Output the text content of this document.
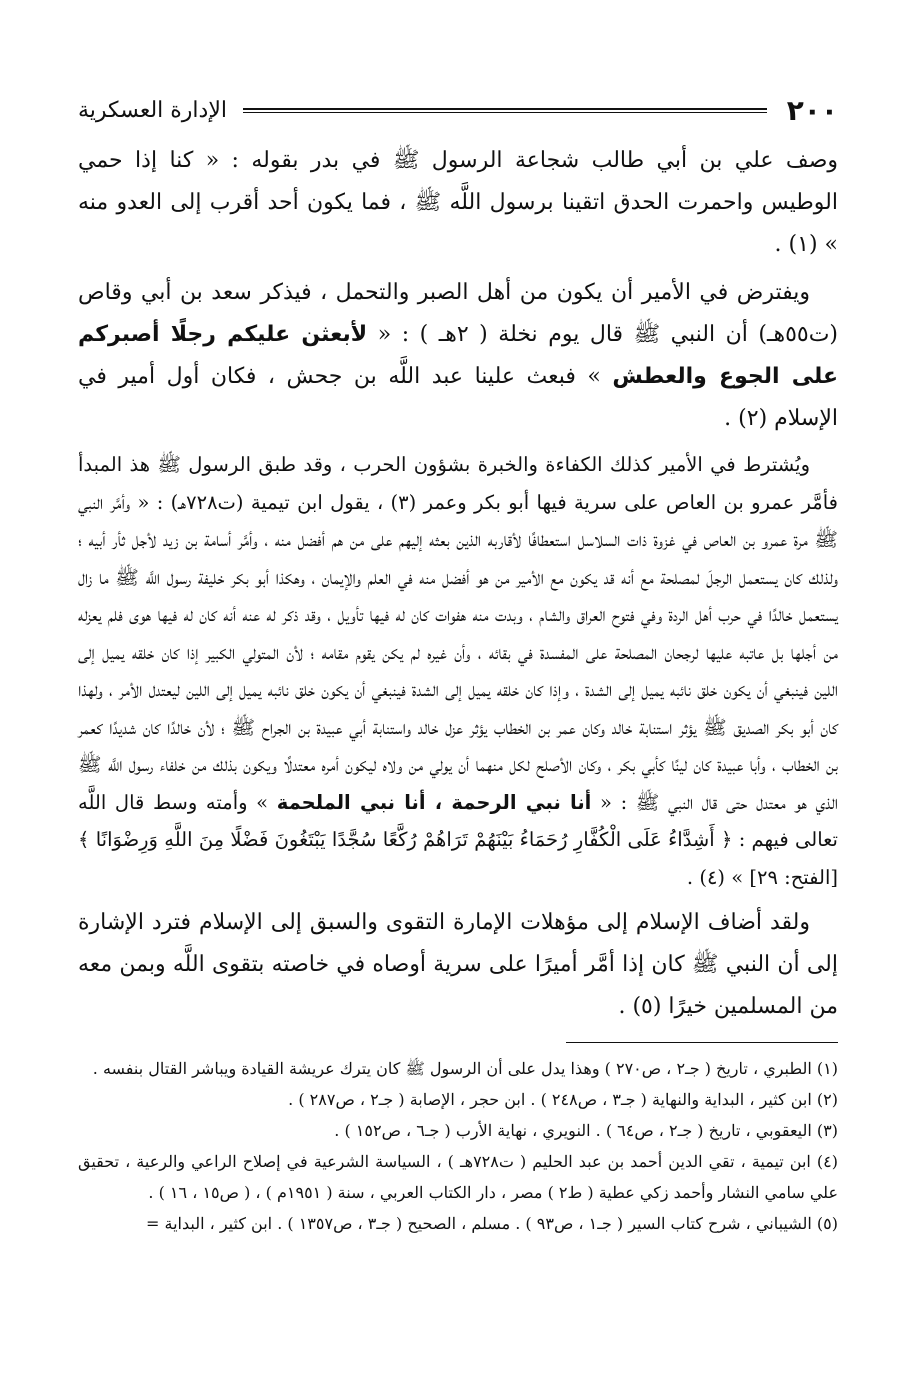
٢٠٠
الإدارة العسكرية

وصف علي بن أبي طالب شجاعة الرسول ﷺ في بدر بقوله : « كنا إذا حمي الوطيس واحمرت الحدق اتقينا برسول اللَّه ﷺ ، فما يكون أحد أقرب إلى العدو منه » (١) .

ويفترض في الأمير أن يكون من أهل الصبر والتحمل ، فيذكر سعد بن أبي وقاص (ت٥٥هـ) أن النبي ﷺ قال يوم نخلة ( ٢هـ ) : « لأبعثن عليكم رجلًا أصبركم على الجوع والعطش » فبعث علينا عبد اللَّه بن جحش ، فكان أول أمير في الإسلام (٢) .

ويُشترط في الأمير كذلك الكفاءة والخبرة بشؤون الحرب ، وقد طبق الرسول ﷺ هذ المبدأ فأمَّر عمرو بن العاص على سرية فيها أبو بكر وعمر (٣) ، يقول ابن تيمية (ت٧٢٨هـ) : « وأمَّر النبي ﷺ مرة عمرو بن العاص في غزوة ذات السلاسل استعطافًا لأقاربه الذين بعثه إليهم على من هم أفضل منه ، وأمَّر أسامة بن زيد لأجل ثأر أبيه ؛ ولذلك كان يستعمل الرجلَ لمصلحة مع أنه قد يكون مع الأمير من هو أفضل منه في العلم والإيمان ، وهكذا أبو بكر خليفة رسول اللَّه ﷺ ما زال يستعمل خالدًا في حرب أهل الردة وفي فتوح العراق والشام ، وبدت منه هفوات كان له فيها تأويل ، وقد ذكر له عنه أنه كان له فيها هوى فلم يعزله من أجلها بل عاتبه عليها لرجحان المصلحة على المفسدة في بقائه ، وأن غيره لم يكن يقوم مقامه ؛ لأن المتولي الكبير إذا كان خلقه يميل إلى اللين فينبغي أن يكون خلق نائبه يميل إلى الشدة ، وإذا كان خلقه يميل إلى الشدة فينبغي أن يكون خلق نائبه يميل إلى اللين ليعتدل الأمر ، ولهذا كان أبو بكر الصديق ﷺ يؤثر استنابة خالد وكان عمر بن الخطاب يؤثر عزل خالد واستنابة أبي عبيدة بن الجراح ﷺ ؛ لأن خالدًا كان شديدًا كعمر بن الخطاب ، وأبا عبيدة كان لينًا كأبي بكر ، وكان الأصلح لكل منهما أن يولي من ولاه ليكون أمره معتدلًا ويكون بذلك من خلفاء رسول اللَّه ﷺ الذي هو معتدل حتى قال النبي ﷺ : « أنا نبي الرحمة ، أنا نبي الملحمة » وأمته وسط قال اللَّه تعالى فيهم : ﴿ أَشِدَّاءُ عَلَى الْكُفَّارِ رُحَمَاءُ بَيْنَهُمْ تَرَاهُمْ رُكَّعًا سُجَّدًا يَبْتَغُونَ فَضْلًا مِنَ اللَّهِ وَرِضْوَانًا ﴾ [الفتح: ٢٩] » (٤) .

ولقد أضاف الإسلام إلى مؤهلات الإمارة التقوى والسبق إلى الإسلام فترد الإشارة إلى أن النبي ﷺ كان إذا أمَّر أميرًا على سرية أوصاه في خاصته بتقوى اللَّه وبمن معه من المسلمين خيرًا (٥) .

(١) الطبري ، تاريخ ( جـ٢ ، ص٢٧٠ ) وهذا يدل على أن الرسول ﷺ كان يترك عريشة القيادة ويباشر القتال بنفسه .

(٢) ابن كثير ، البداية والنهاية ( جـ٣ ، ص٢٤٨ ) . ابن حجر ، الإصابة ( جـ٢ ، ص٢٨٧ ) .

(٣) اليعقوبي ، تاريخ ( جـ٢ ، ص٦٤ ) . النويري ، نهاية الأرب ( جـ٦ ، ص١٥٢ ) .

(٤) ابن تيمية ، تقي الدين أحمد بن عبد الحليم ( ت٧٢٨هـ ) ، السياسة الشرعية في إصلاح الراعي والرعية ، تحقيق علي سامي النشار وأحمد زكي عطية ( ط٢ ) مصر ، دار الكتاب العربي ، سنة ( ١٩٥١م ) ، ( ص١٥ ، ١٦ ) .

(٥) الشيباني ، شرح كتاب السير ( جـ١ ، ص٩٣ ) . مسلم ، الصحيح ( جـ٣ ، ص١٣٥٧ ) . ابن كثير ، البداية =
